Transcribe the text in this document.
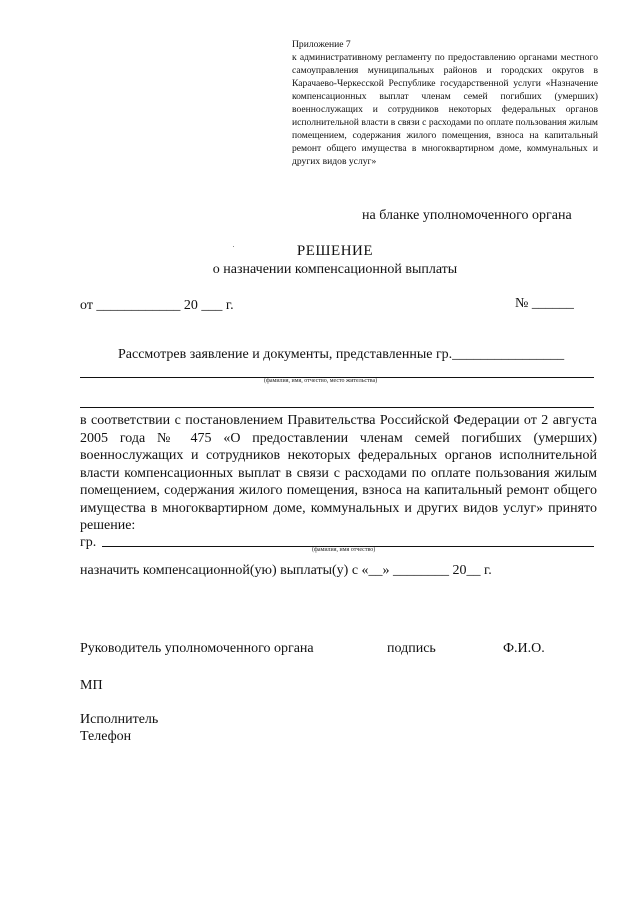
Приложение 7
к административному регламенту по предоставлению органами местного самоуправления муниципальных районов и городских округов в Карачаево-Черкесской Республике государственной услуги «Назначение компенсационных выплат членам семей погибших (умерших) военнослужащих и сотрудников некоторых федеральных органов исполнительной власти в связи с расходами по оплате пользования жилым помещением, содержания жилого помещения, взноса на капитальный ремонт общего имущества в многоквартирном доме, коммунальных и других видов услуг»
на бланке уполномоченного органа
РЕШЕНИЕ
о назначении компенсационной выплаты
от ____________ 20 ___ г.	№ ______
Рассмотрев заявление и документы, представленные гр.________________
(фамилия, имя, отчество, место жительства)
в соответствии с постановлением Правительства Российской Федерации от 2 августа 2005 года № 475 «О предоставлении членам семей погибших (умерших) военнослужащих и сотрудников некоторых федеральных органов исполнительной власти компенсационных выплат в связи с расходами по оплате пользования жилым помещением, содержания жилого помещения, взноса на капитальный ремонт общего имущества в многоквартирном доме, коммунальных и других видов услуг» принято решение:
гр.	(фамилия, имя отчество)
назначить компенсационной(ую) выплаты(у) с «__» ________ 20__ г.
Руководитель уполномоченного органа	подпись	Ф.И.О.
МП
Исполнитель
Телефон
